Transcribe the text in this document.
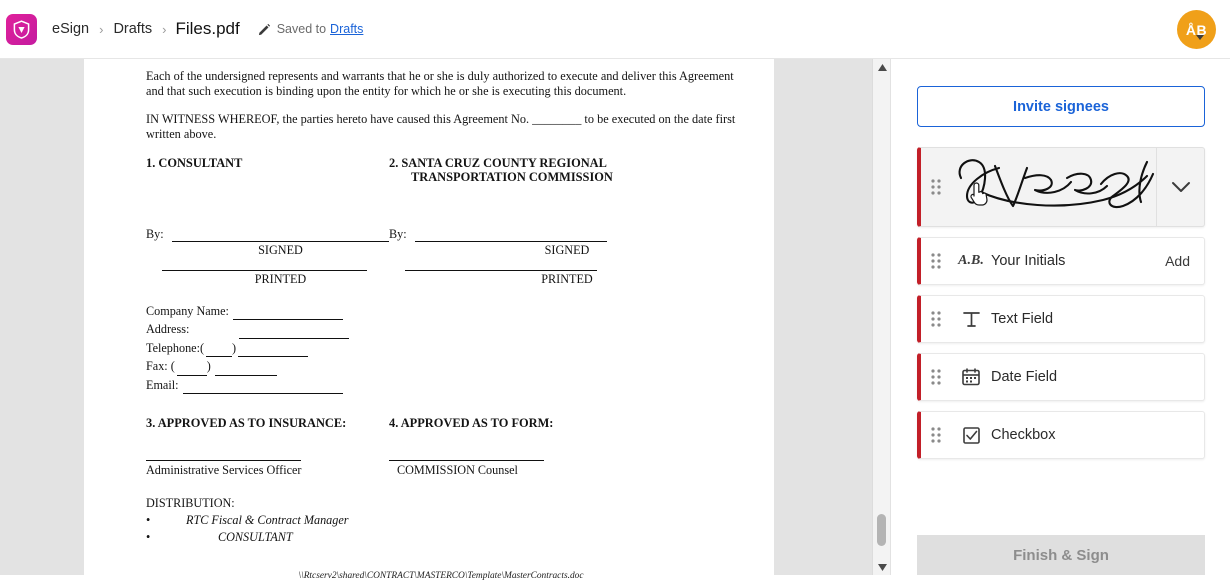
eSign › Drafts › Files.pdf	Saved to Drafts	ÅB
Each of the undersigned represents and warrants that he or she is duly authorized to execute and deliver this Agreement and that such execution is binding upon the entity for which he or she is executing this document.
IN WITNESS WHEREOF, the parties hereto have caused this Agreement No. ________ to be executed on the date first written above.
1. CONSULTANT	2. SANTA CRUZ COUNTY REGIONAL
TRANSPORTATION COMMISSION
By:
SIGNED
PRINTED
By:
SIGNED
PRINTED
Company Name:
Address:
Telephone:( )
Fax: (	)
Email:
3. APPROVED AS TO INSURANCE:
Administrative Services Officer
4. APPROVED AS TO FORM:
COMMISSION Counsel
DISTRIBUTION:
•	RTC Fiscal & Contract Manager
•	CONSULTANT
\\Rtcserv2\shared\CONTRACT\MASTERCO\Template\MasterContracts.doc
Invite signees
A.B. Your Initials	Add
Text Field
Date Field
Checkbox
Finish & Sign
